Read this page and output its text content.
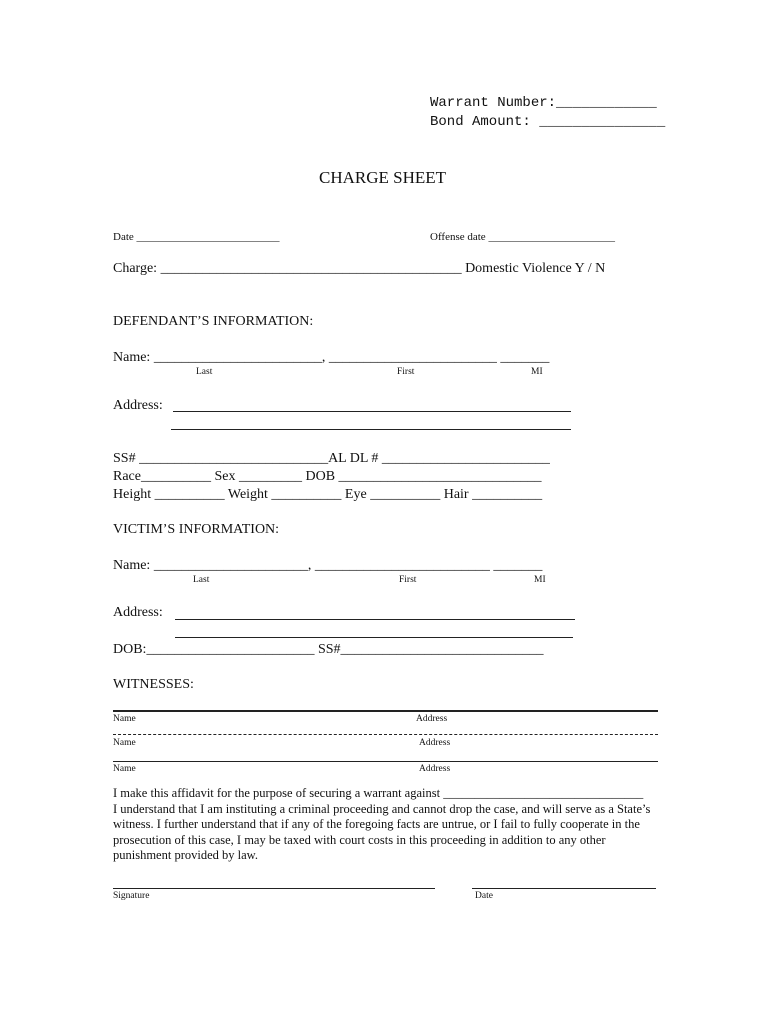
Warrant Number:____________
Bond Amount: _______________
CHARGE SHEET
Date __________________________	Offense date _______________________
Charge: ___________________________________________ Domestic Violence Y / N
DEFENDANT’S INFORMATION:
Name: ________________________, ________________________ _______
Last	First	MI
Address:
SS# ___________________________AL DL # ________________________
Race__________ Sex _________ DOB _____________________________
Height __________ Weight __________ Eye __________ Hair __________
VICTIM’S INFORMATION:
Name: ______________________, _________________________ _______
Last	First	MI
Address:
DOB:________________________ SS#_____________________________
WITNESSES:
Name	Address
Name	Address
Name	Address
I make this affidavit for the purpose of securing a warrant against ________________________________
I understand that I am instituting a criminal proceeding and cannot drop the case, and will serve as a State’s
witness. I further understand that if any of the foregoing facts are untrue, or I fail to fully cooperate in the
prosecution of this case, I may be taxed with court costs in this proceeding in addition to any other
punishment provided by law.
Signature	Date
